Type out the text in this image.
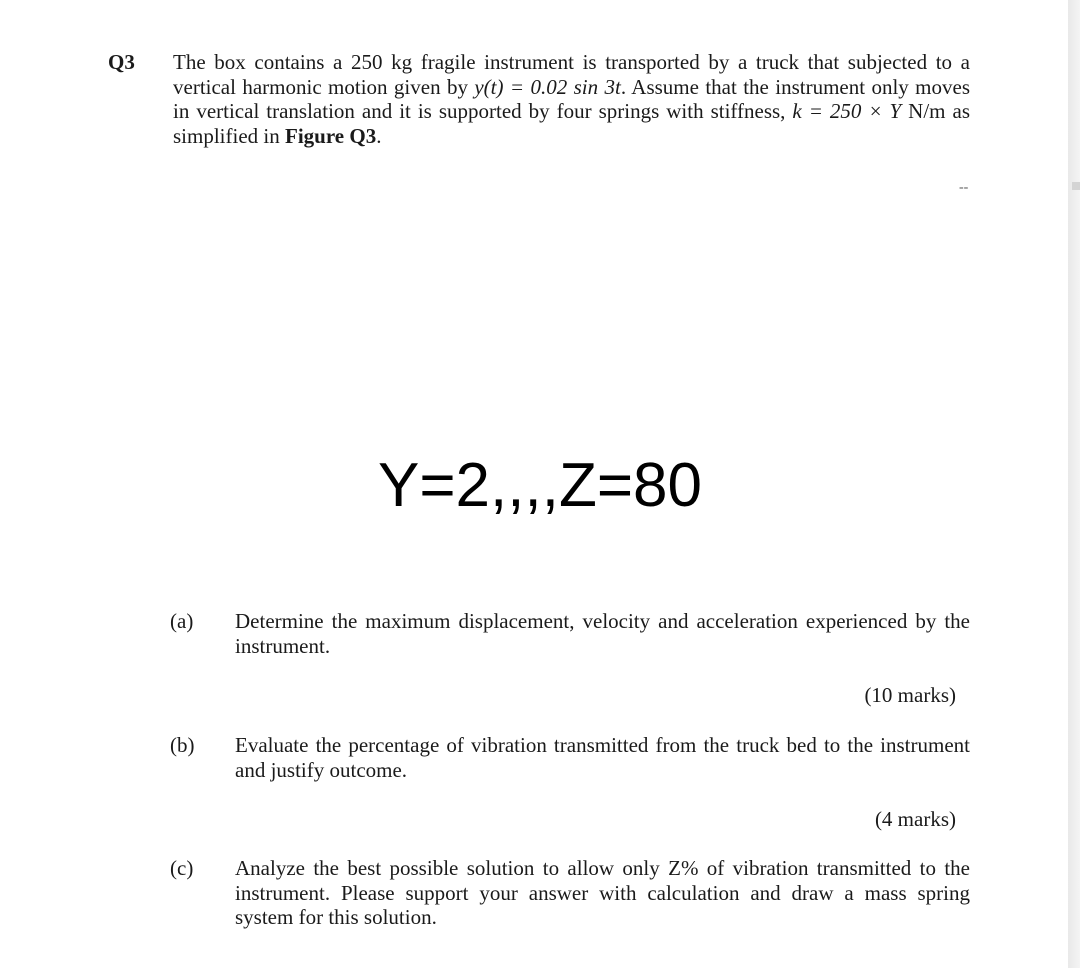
Q3 The box contains a 250 kg fragile instrument is transported by a truck that subjected to a vertical harmonic motion given by y(t) = 0.02 sin 3t. Assume that the instrument only moves in vertical translation and it is supported by four springs with stiffness, k = 250 × Y N/m as simplified in Figure Q3.

--
Y=2,,,,Z=80
(a) Determine the maximum displacement, velocity and acceleration experienced by the instrument.

(10 marks)
(b) Evaluate the percentage of vibration transmitted from the truck bed to the instrument and justify outcome.

(4 marks)
(c) Analyze the best possible solution to allow only Z% of vibration transmitted to the instrument. Please support your answer with calculation and draw a mass spring system for this solution.
